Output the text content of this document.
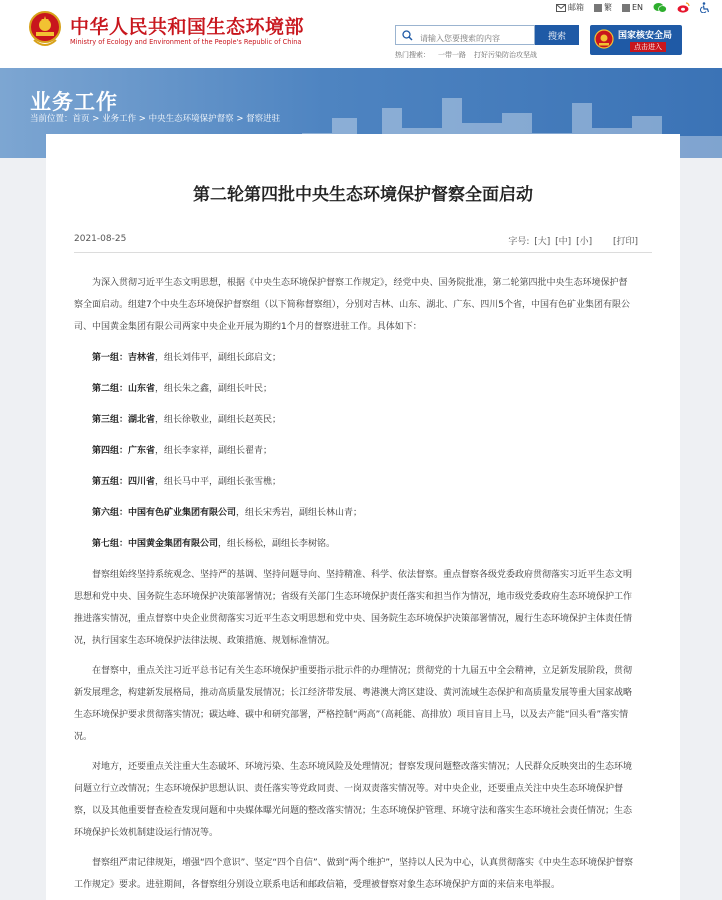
中华人民共和国生态环境部
Ministry of Ecology and Environment of the People's Republic of China
邮箱	繁	EN
请输入您要搜索的内容
搜索
热门搜索： 一带一路 打好污染防治攻坚战
国家核安全局
点击进入
业务工作
当前位置：首页 > 业务工作 > 中央生态环境保护督察 > 督察进驻
第二轮第四批中央生态环境保护督察全面启动
2021-08-25	字号: [大] [中] [小] [打印]

为深入贯彻习近平生态文明思想，根据《中央生态环境保护督察工作规定》，经党中央、国务院批准，第二轮第四批中央生态环境保护督察全面启动。组建7个中央生态环境保护督察组（以下简称督察组），分别对吉林、山东、湖北、广东、四川5个省，中国有色矿业集团有限公司、中国黄金集团有限公司两家中央企业开展为期约1个月的督察进驻工作。具体如下：

第一组：吉林省，组长刘伟平，副组长邱启文；

第二组：山东省，组长朱之鑫，副组长叶民；

第三组：湖北省，组长徐敬业，副组长赵英民；

第四组：广东省，组长李家祥，副组长翟青；

第五组：四川省，组长马中平，副组长张雪樵；

第六组：中国有色矿业集团有限公司，组长宋秀岩，副组长林山青；

第七组：中国黄金集团有限公司，组长杨松，副组长李树铭。

督察组始终坚持系统观念、坚持严的基调、坚持问题导向、坚持精准、科学、依法督察。重点督察各级党委政府贯彻落实习近平生态文明思想和党中央、国务院生态环境保护决策部署情况；省级有关部门生态环境保护责任落实和担当作为情况，地市级党委政府生态环境保护工作推进落实情况，重点督察中央企业贯彻落实习近平生态文明思想和党中央、国务院生态环境保护决策部署情况，履行生态环境保护主体责任情况，执行国家生态环境保护法律法规、政策措施、规划标准情况。

在督察中，重点关注习近平总书记有关生态环境保护重要指示批示件的办理情况；贯彻党的十九届五中全会精神，立足新发展阶段，贯彻新发展理念，构建新发展格局，推动高质量发展情况；长江经济带发展、粤港澳大湾区建设、黄河流域生态保护和高质量发展等重大国家战略生态环境保护要求贯彻落实情况；碳达峰、碳中和研究部署，严格控制“两高”（高耗能、高排放）项目盲目上马，以及去产能“回头看”落实情况。

对地方，还要重点关注重大生态破坏、环境污染、生态环境风险及处理情况；督察发现问题整改落实情况；人民群众反映突出的生态环境问题立行立改情况；生态环境保护思想认识、责任落实等党政同责、一岗双责落实情况等。对中央企业，还要重点关注中央生态环境保护督察，以及其他重要督查检查发现问题和中央媒体曝光问题的整改落实情况；生态环境保护管理、环境守法和落实生态环境社会责任情况；生态环境保护长效机制建设运行情况等。

督察组严肃记律规矩，增强“四个意识”、坚定“四个自信”、做到“两个维护”，坚持以人民为中心，认真贯彻落实《中央生态环境保护督察工作规定》要求。进驻期间，各督察组分别设立联系电话和邮政信箱，受理被督察对象生态环境保护方面的来信来电举报。
